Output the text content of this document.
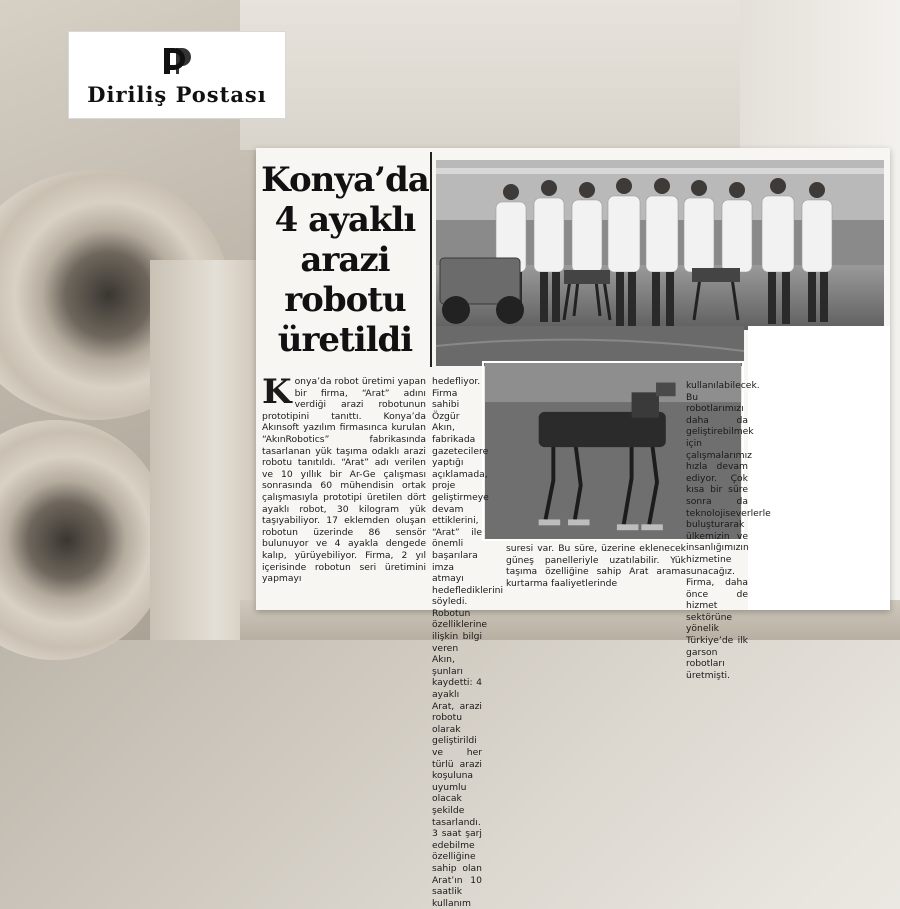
Diriliş Postası
Konya’da
4 ayaklı
arazi
robotu
üretildi
Konya’da robot üretimi yapan bir firma, “Arat” adını verdiği arazi robotunun prototipini tanıttı. Konya’da Akınsoft yazılım firmasınca kurulan “AkınRobotics” fabrikasında tasarlanan yük taşıma odaklı arazi robotu tanıtıldı. “Arat” adı verilen ve 10 yıllık bir Ar-Ge çalışması sonrasında 60 mühendisin ortak çalışmasıyla prototipi üretilen dört ayaklı robot, 30 kilogram yük taşıyabiliyor. 17 eklemden oluşan robotun üzerinde 86 sensör bulunuyor ve 4 ayakla dengede kalıp, yürüyebiliyor. Firma, 2 yıl içerisinde robotun seri üretimini yapmayı
hedefliyor. Firma sahibi Özgür Akın, fabrikada gazetecilere yaptığı açıklamada, proje geliştirmeye devam ettiklerini, “Arat” ile önemli başarılara imza atmayı hedeflediklerini söyledi. Robotun özelliklerine ilişkin bilgi veren Akın, şunları kaydetti: 4 ayaklı Arat, arazi robotu olarak geliştirildi ve her türlü arazi koşuluna uyumlu olacak şekilde tasarlandı. 3 saat şarj edebilme özelliğine sahip olan Arat’ın 10 saatlik kullanım
suresi var. Bu süre, üzerine eklenecek güneş panelleriyle uzatılabilir. Yük taşıma özelliğine sahip Arat arama kurtarma faaliyetlerinde
kullanılabilecek. Bu robotlarımızı daha da geliştirebilmek için çalışmalarımız hızla devam ediyor. Çok kısa bir süre sonra da teknolojiseverlerle buluşturarak ülkemizin ve insanlığımızın hizmetine sunacağız. Firma, daha önce de hizmet sektörüne yönelik Türkiye’de ilk garson robotları üretmişti.
